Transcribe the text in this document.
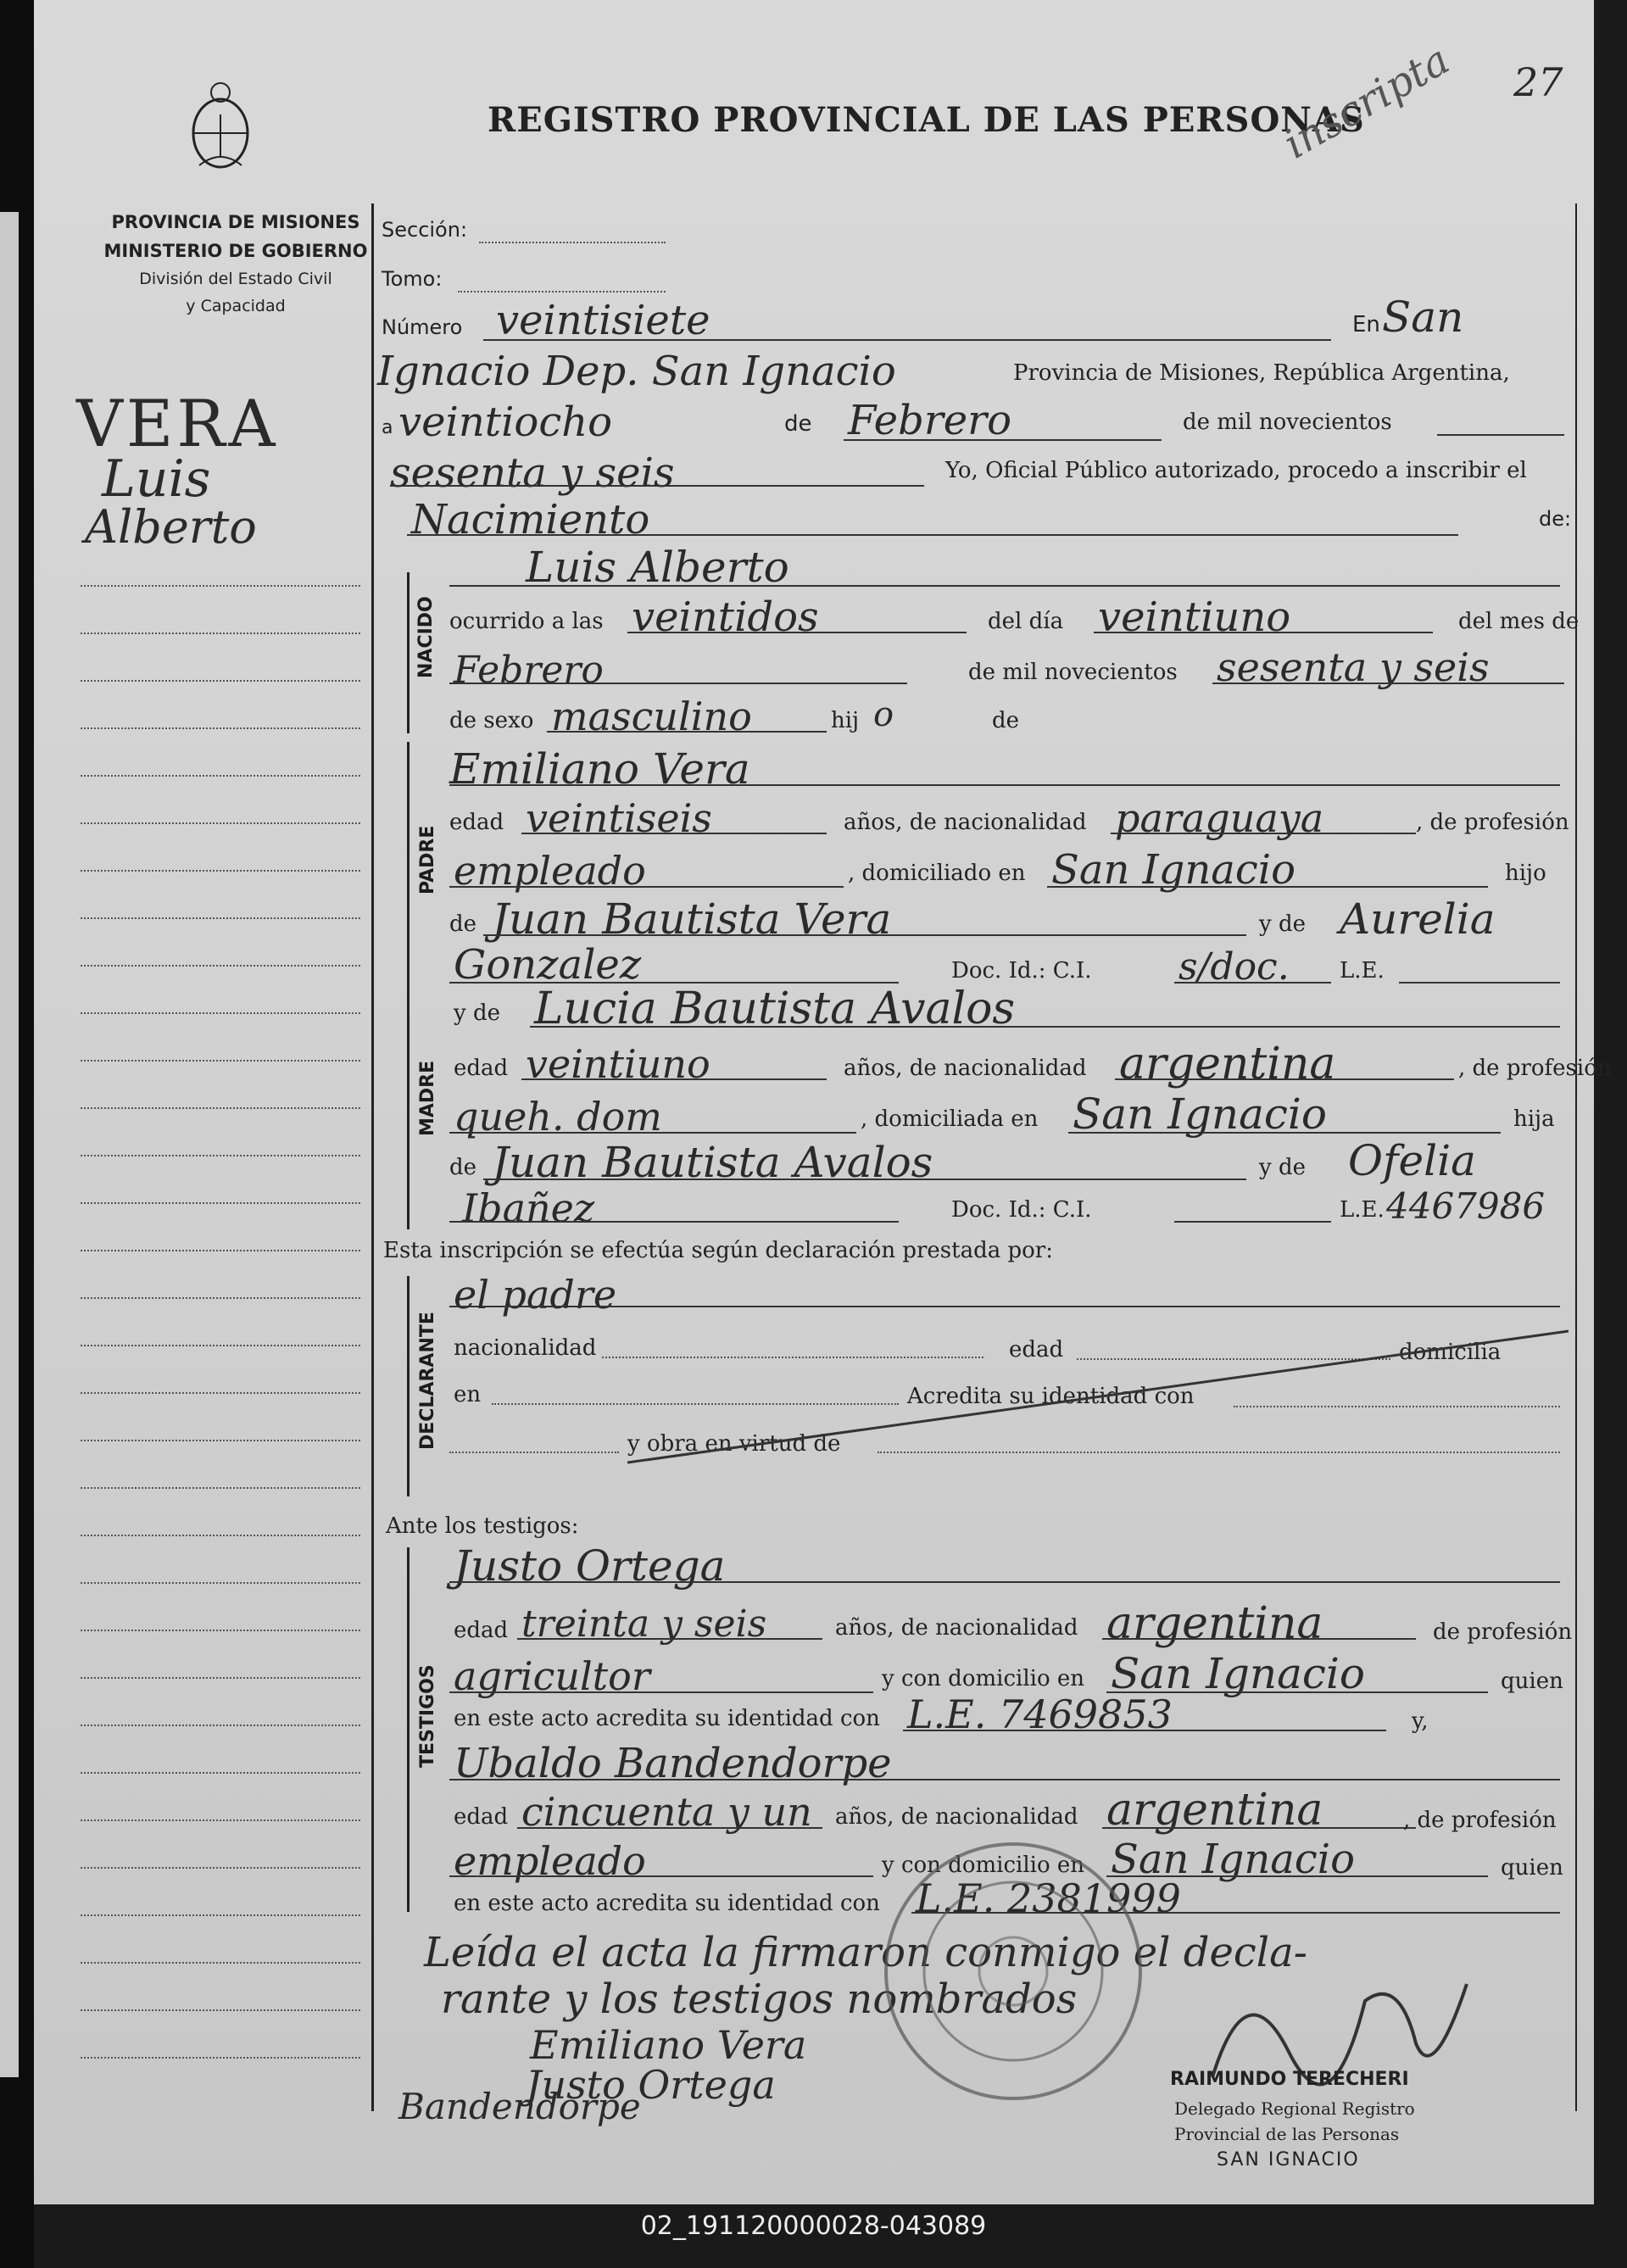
REGISTRO PROVINCIAL DE LAS PERSONAS
27
inscripta
PROVINCIA DE MISIONES
MINISTERIO DE GOBIERNO
División del Estado Civil
y Capacidad
VERA
Luis
Alberto
Sección:
Tomo:
Número veintisiete	En San
Ignacio Dep. San Ignacio	Provincia de Misiones, República Argentina,
a veintiocho	de Febrero	de mil novecientos
sesenta y seis	Yo, Oficial Público autorizado, procedo a inscribir el
Nacimiento	de:
NACIDO
Luis Alberto
ocurrido a las veintidos	del día veintiuno	del mes de
Febrero	de mil novecientos sesenta y seis
de sexo masculino	hij o	de
PADRE
Emiliano Vera
edad veintiseis	años, de nacionalidad paraguaya	, de profesión
empleado	, domiciliado en San Ignacio	hijo
de Juan Bautista Vera	y de Aurelia
Gonzalez	Doc. Id.: C.I. s/doc. L.E.
y de Lucia Bautista Avalos
MADRE edad veintiuno	años, de nacionalidad argentina	, de profesión
queh. dom	, domiciliada en San Ignacio	hija
de Juan Bautista Avalos	y de Ofelia
Ibañez	Doc. Id.: C.I.	L.E. 4467986
Esta inscripción se efectúa según declaración prestada por:
DECLARANTE
el padre
nacionalidad	edad	domicilia
en	Acredita su identidad con
y obra en virtud de
Ante los testigos:
TESTIGOS
Justo Ortega
edad treinta y seis	años, de nacionalidad argentina	de profesión
agricultor	y con domicilio en San Ignacio	quien
en este acto acredita su identidad con L.E. 7469853	y,
Ubaldo Bandendorpe
edad cincuenta y un años, de nacionalidad argentina	, de profesión
empleado	y con domicilio en San Ignacio	quien
en este acto acredita su identidad con L.E. 2381999
Leída el acta la firmaron conmigo el decla-
rante y los testigos nombrados
Emiliano Vera
Justo Ortega
Bandendorpe
RAIMUNDO TERECHERI
Delegado Regional Registro
Provincial de las Personas
SAN IGNACIO
02_191120000028-043089
